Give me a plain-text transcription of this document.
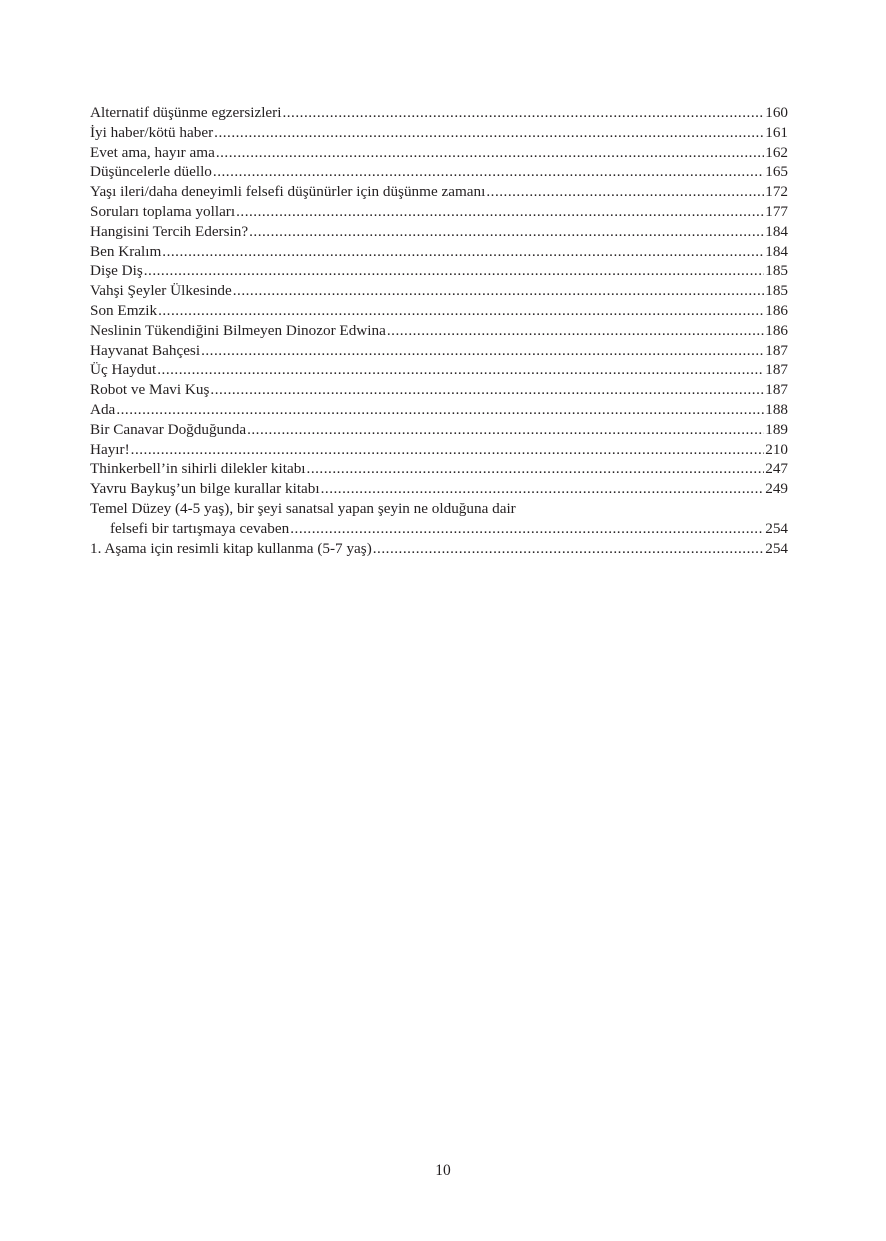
Alternatif düşünme egzersizleri .....	160
İyi haber/kötü haber .....	161
Evet ama, hayır ama .....	162
Düşüncelerle düello .....	165
Yaşı ileri/daha deneyimli felsefi düşünürler için düşünme zamanı .....	172
Soruları toplama yolları .....	177
Hangisini Tercih Edersin? .....	184
Ben Kralım .....	184
Dişe Diş .....	185
Vahşi Şeyler Ülkesinde .....	185
Son Emzik .....	186
Neslinin Tükendiğini Bilmeyen Dinozor Edwina .....	186
Hayvanat Bahçesi .....	187
Üç Haydut .....	187
Robot ve Mavi Kuş .....	187
Ada .....	188
Bir Canavar Doğduğunda .....	189
Hayır! .....	210
Thinkerbell’in sihirli dilekler kitabı .....	247
Yavru Baykuş’un bilge kurallar kitabı .....	249
Temel Düzey (4-5 yaş), bir şeyi sanatsal yapan şeyin ne olduğuna dair
felsefi bir tartışmaya cevaben .....	254
1. Aşama için resimli kitap kullanma (5-7 yaş) .....	254
10
